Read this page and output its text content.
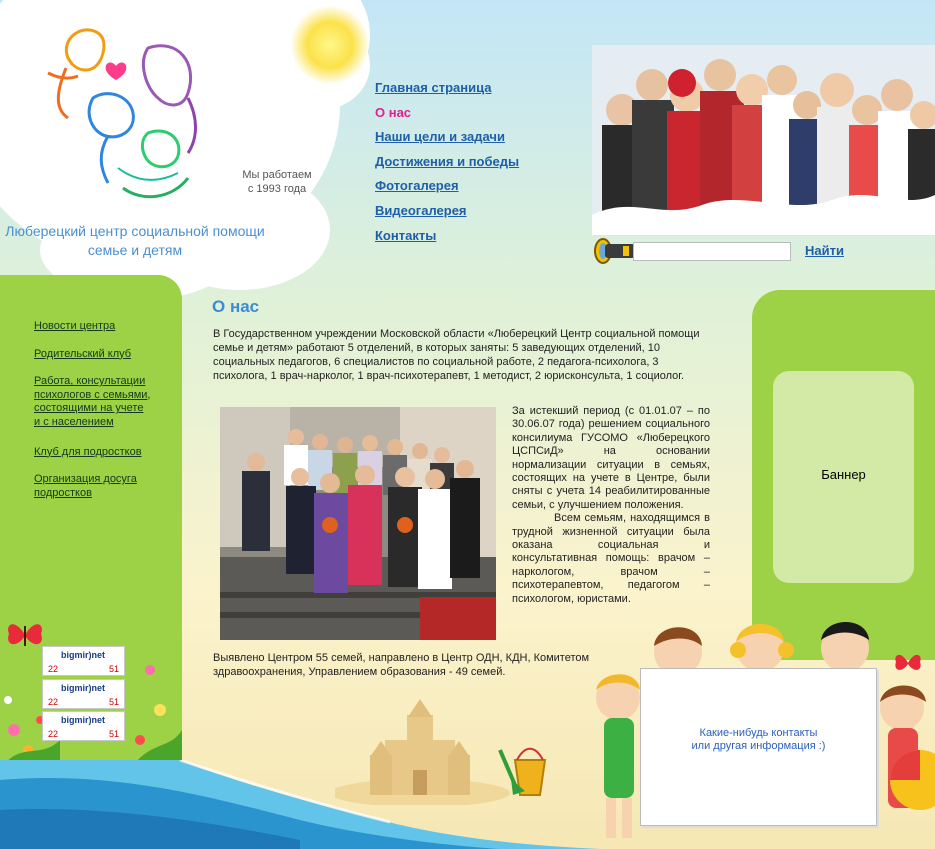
Мы работаем
с 1993 года
Люберецкий центр социальной помощи
семье и детям
Главная страница
О нас
Наши цели и задачи
Достижения и победы
Фотогалерея
Видеогалерея
Контакты
Найти
Новости центра
Родительский клуб
Работа, консультации
психологов с семьями,
состоящими на учете
и с населением
Клуб для подростков
Организация досуга
подростков
bigmir)net
22	51
bigmir)net
22	51
bigmir)net
22	51
Баннер
О нас
В Государственном учреждении Московской области «Люберецкий Центр социальной помощи семье и детям» работают 5 отделений, в которых заняты: 5 заведующих отделений, 10 социальных педагогов, 6 специалистов по социальной работе, 2 педагога-психолога, 3 психолога, 1 врач-нарколог, 1 врач-психотерапевт, 1 методист, 2 юрисконсульта, 1 социолог.
За истекший период (с 01.01.07 – по 30.06.07 года) решением социального консилиума ГУСОМО «Люберецкого ЦСПСиД» на основании нормализации ситуации в семьях, состоящих на учете в Центре, были сняты с учета 14 реабилитированные семьи, с улучшением положения.
Всем семьям, находящимся в трудной жизненной ситуации была оказана социальная и консультативная помощь: врачом – наркологом, врачом – психотерапевтом, педагогом – психологом, юристами.
Выявлено Центром 55 семей, направлено в Центр ОДН, КДН, Комитетом здравоохранения, Управлением образования - 49 семей.
Какие-нибудь контакты
или другая информация :)
